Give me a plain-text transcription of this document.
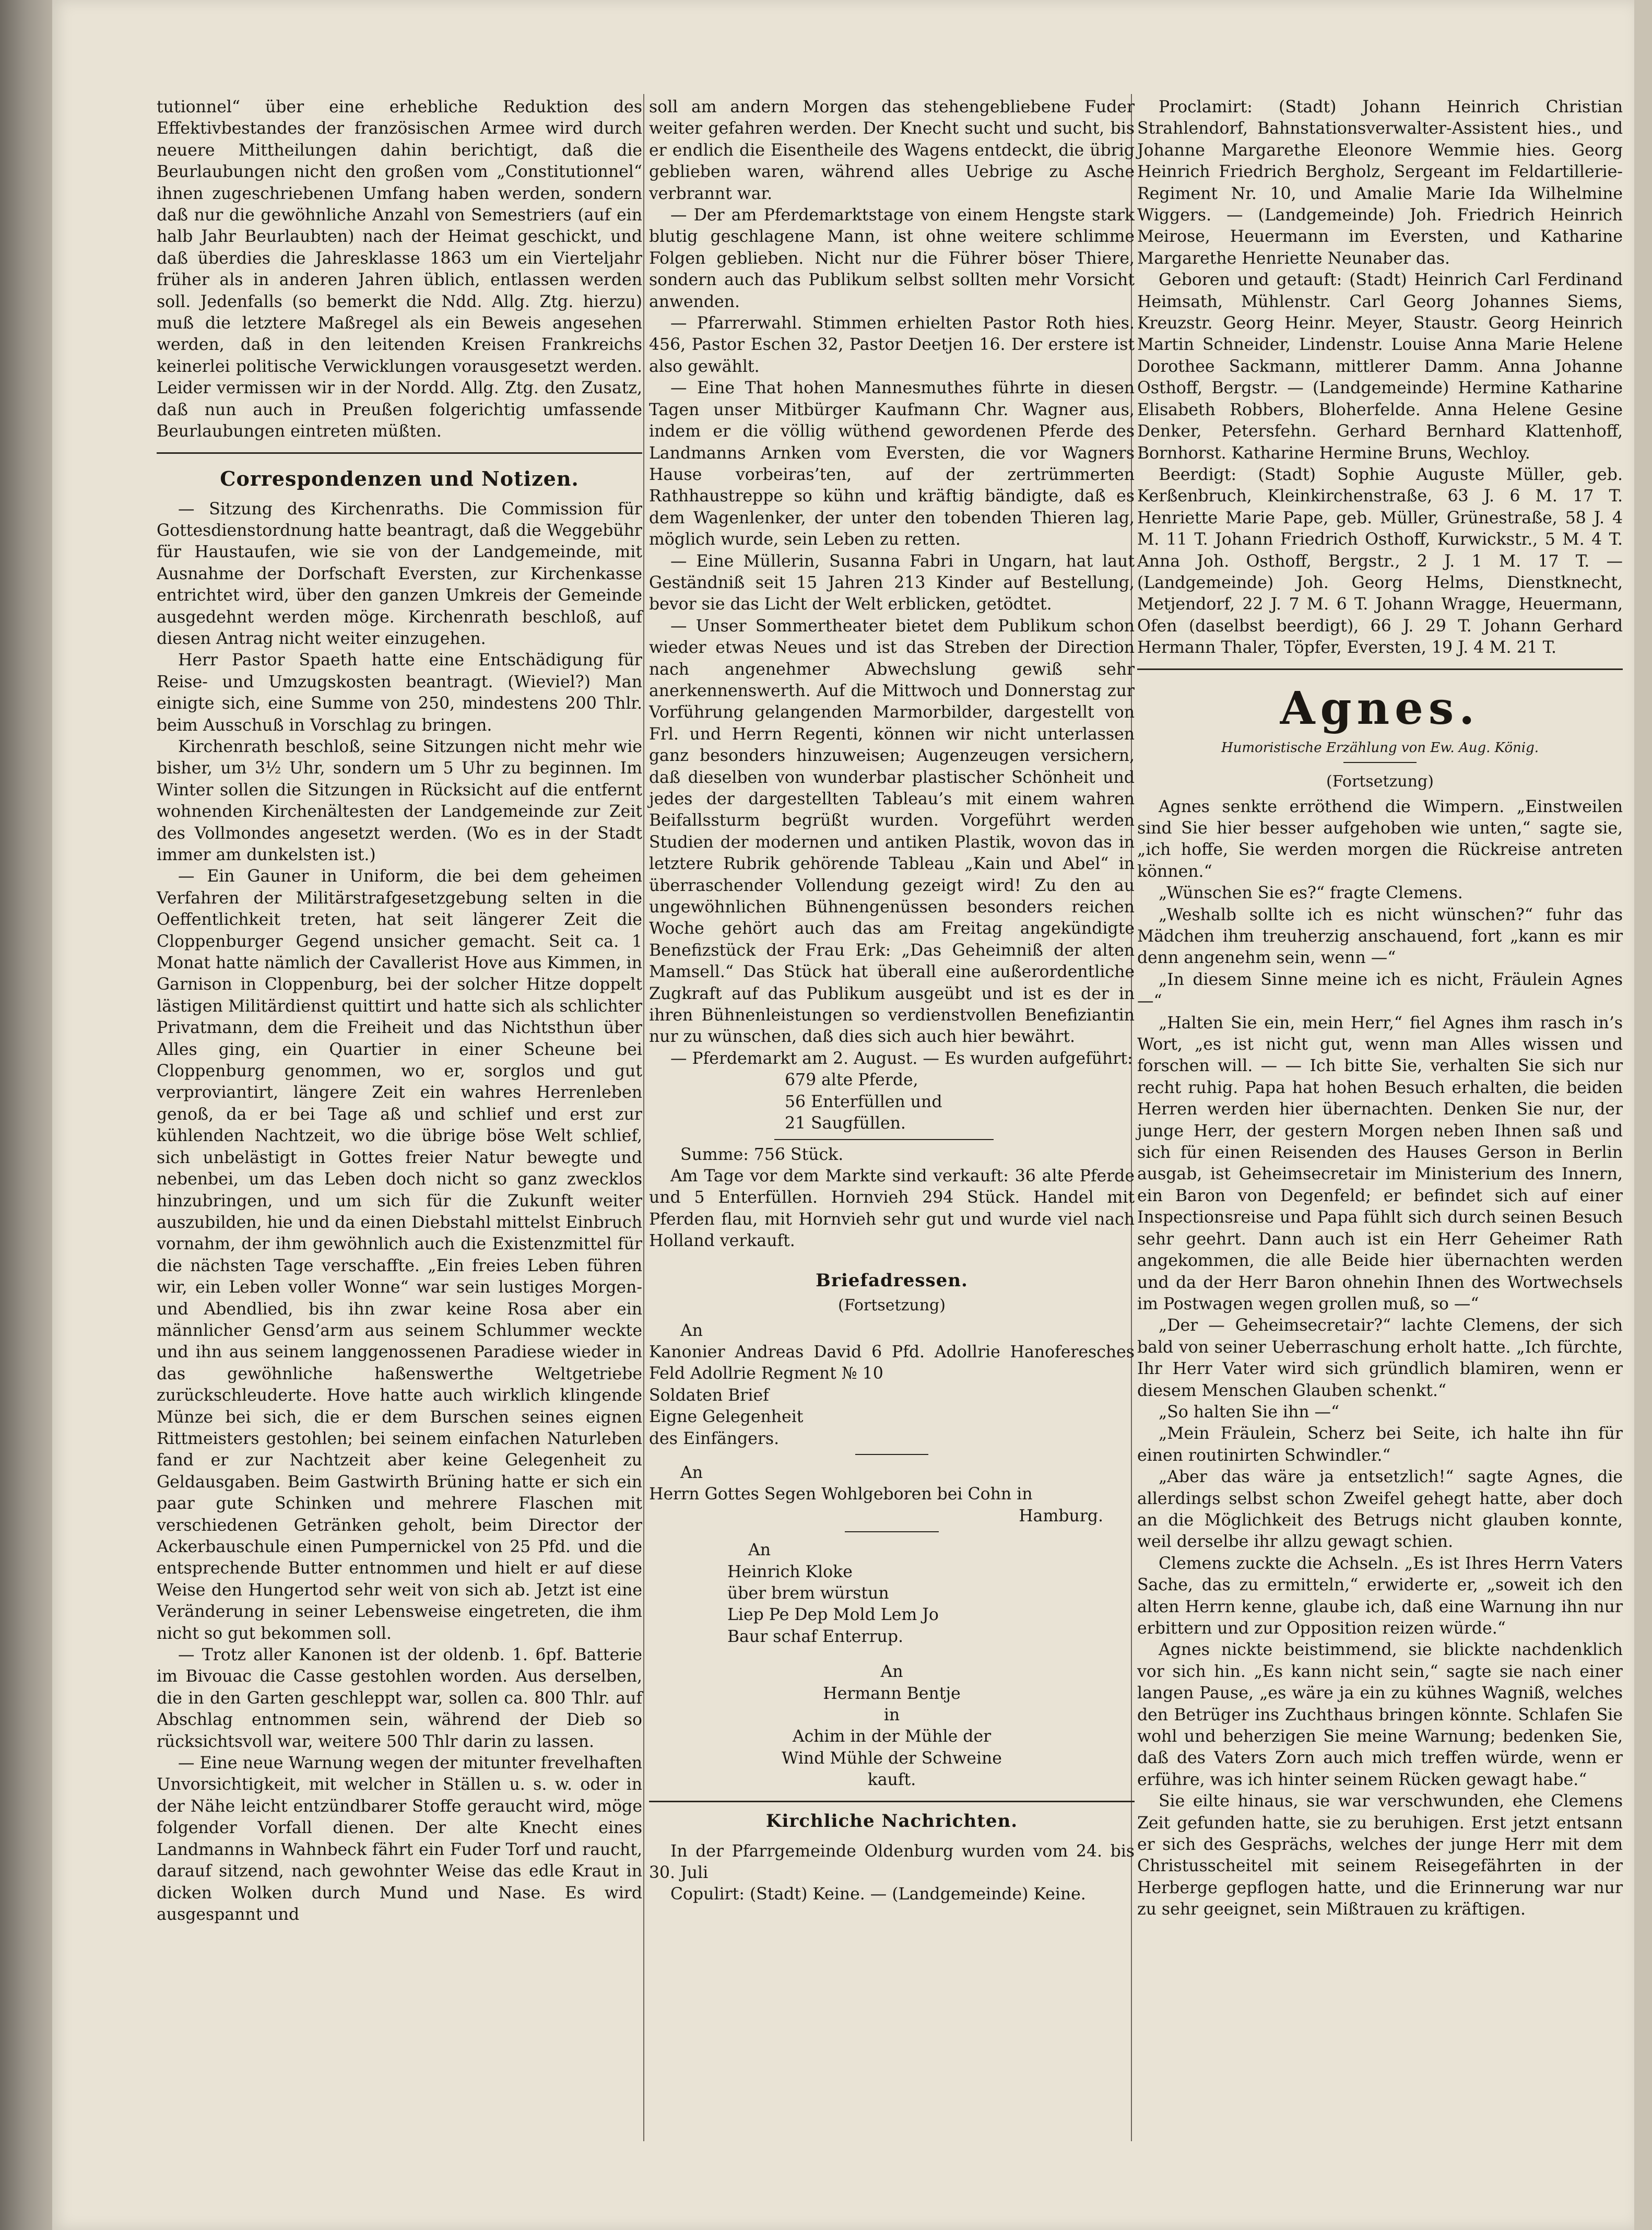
tutionnel“ über eine erhebliche Reduktion des Effektivbestandes der französischen Armee wird durch neuere Mittheilungen dahin berichtigt, daß die Beurlaubungen nicht den großen vom „Constitutionnel“ ihnen zugeschriebenen Umfang haben werden, sondern daß nur die gewöhnliche Anzahl von Semestriers (auf ein halb Jahr Beurlaubten) nach der Heimat geschickt, und daß überdies die Jahresklasse 1863 um ein Vierteljahr früher als in anderen Jahren üblich, entlassen werden soll. Jedenfalls (so bemerkt die Ndd. Allg. Ztg. hierzu) muß die letztere Maßregel als ein Beweis angesehen werden, daß in den leitenden Kreisen Frankreichs keinerlei politische Verwicklungen vorausgesetzt werden. Leider vermissen wir in der Nordd. Allg. Ztg. den Zusatz, daß nun auch in Preußen folgerichtig umfassende Beurlaubungen eintreten müßten.

Correspondenzen und Notizen.

— Sitzung des Kirchenraths. Die Commission für Gottesdienstordnung hatte beantragt, daß die Weggebühr für Haustaufen, wie sie von der Landgemeinde, mit Ausnahme der Dorfschaft Eversten, zur Kirchenkasse entrichtet wird, über den ganzen Umkreis der Gemeinde ausgedehnt werden möge. Kirchenrath beschloß, auf diesen Antrag nicht weiter einzugehen.

Herr Pastor Spaeth hatte eine Entschädigung für Reise- und Umzugskosten beantragt. (Wieviel?) Man einigte sich, eine Summe von 250, mindestens 200 Thlr. beim Ausschuß in Vorschlag zu bringen.

Kirchenrath beschloß, seine Sitzungen nicht mehr wie bisher, um 3½ Uhr, sondern um 5 Uhr zu beginnen. Im Winter sollen die Sitzungen in Rücksicht auf die entfernt wohnenden Kirchenältesten der Landgemeinde zur Zeit des Vollmondes angesetzt werden. (Wo es in der Stadt immer am dunkelsten ist.)

— Ein Gauner in Uniform, die bei dem geheimen Verfahren der Militärstrafgesetzgebung selten in die Oeffentlichkeit treten, hat seit längerer Zeit die Cloppenburger Gegend unsicher gemacht. Seit ca. 1 Monat hatte nämlich der Cavallerist Hove aus Kimmen, in Garnison in Cloppenburg, bei der solcher Hitze doppelt lästigen Militärdienst quittirt und hatte sich als schlichter Privatmann, dem die Freiheit und das Nichtsthun über Alles ging, ein Quartier in einer Scheune bei Cloppenburg genommen, wo er, sorglos und gut verproviantirt, längere Zeit ein wahres Herrenleben genoß, da er bei Tage aß und schlief und erst zur kühlenden Nachtzeit, wo die übrige böse Welt schlief, sich unbelästigt in Gottes freier Natur bewegte und nebenbei, um das Leben doch nicht so ganz zwecklos hinzubringen, und um sich für die Zukunft weiter auszubilden, hie und da einen Diebstahl mittelst Einbruch vornahm, der ihm gewöhnlich auch die Existenzmittel für die nächsten Tage verschaffte. „Ein freies Leben führen wir, ein Leben voller Wonne“ war sein lustiges Morgen- und Abendlied, bis ihn zwar keine Rosa aber ein männlicher Gensd’arm aus seinem Schlummer weckte und ihn aus seinem langgenossenen Paradiese wieder in das gewöhnliche haßenswerthe Weltgetriebe zurückschleuderte. Hove hatte auch wirklich klingende Münze bei sich, die er dem Burschen seines eignen Rittmeisters gestohlen; bei seinem einfachen Naturleben fand er zur Nachtzeit aber keine Gelegenheit zu Geldausgaben. Beim Gastwirth Brüning hatte er sich ein paar gute Schinken und mehrere Flaschen mit verschiedenen Getränken geholt, beim Director der Ackerbauschule einen Pumpernickel von 25 Pfd. und die entsprechende Butter entnommen und hielt er auf diese Weise den Hungertod sehr weit von sich ab. Jetzt ist eine Veränderung in seiner Lebensweise eingetreten, die ihm nicht so gut bekommen soll.

— Trotz aller Kanonen ist der oldenb. 1. 6pf. Batterie im Bivouac die Casse gestohlen worden. Aus derselben, die in den Garten geschleppt war, sollen ca. 800 Thlr. auf Abschlag entnommen sein, während der Dieb so rücksichtsvoll war, weitere 500 Thlr darin zu lassen.

— Eine neue Warnung wegen der mitunter frevelhaften Unvorsichtigkeit, mit welcher in Ställen u. s. w. oder in der Nähe leicht entzündbarer Stoffe geraucht wird, möge folgender Vorfall dienen. Der alte Knecht eines Landmanns in Wahnbeck fährt ein Fuder Torf und raucht, darauf sitzend, nach gewohnter Weise das edle Kraut in dicken Wolken durch Mund und Nase. Es wird ausgespannt und

soll am andern Morgen das stehengebliebene Fuder weiter gefahren werden. Der Knecht sucht und sucht, bis er endlich die Eisentheile des Wagens entdeckt, die übrig geblieben waren, während alles Uebrige zu Asche verbrannt war.

— Der am Pferdemarktstage von einem Hengste stark blutig geschlagene Mann, ist ohne weitere schlimme Folgen geblieben. Nicht nur die Führer böser Thiere, sondern auch das Publikum selbst sollten mehr Vorsicht anwenden.

— Pfarrerwahl. Stimmen erhielten Pastor Roth hies. 456, Pastor Eschen 32, Pastor Deetjen 16. Der erstere ist also gewählt.

— Eine That hohen Mannesmuthes führte in diesen Tagen unser Mitbürger Kaufmann Chr. Wagner aus, indem er die völlig wüthend gewordenen Pferde des Landmanns Arnken vom Eversten, die vor Wagners Hause vorbeiras’ten, auf der zertrümmerten Rathhaustreppe so kühn und kräftig bändigte, daß es dem Wagenlenker, der unter den tobenden Thieren lag, möglich wurde, sein Leben zu retten.

— Eine Müllerin, Susanna Fabri in Ungarn, hat laut Geständniß seit 15 Jahren 213 Kinder auf Bestellung, bevor sie das Licht der Welt erblicken, getödtet.

— Unser Sommertheater bietet dem Publikum schon wieder etwas Neues und ist das Streben der Direction nach angenehmer Abwechslung gewiß sehr anerkennenswerth. Auf die Mittwoch und Donnerstag zur Vorführung gelangenden Marmorbilder, dargestellt von Frl. und Herrn Regenti, können wir nicht unterlassen ganz besonders hinzuweisen; Augenzeugen versichern, daß dieselben von wunderbar plastischer Schönheit und jedes der dargestellten Tableau’s mit einem wahren Beifallssturm begrüßt wurden. Vorgeführt werden Studien der modernen und antiken Plastik, wovon das in letztere Rubrik gehörende Tableau „Kain und Abel“ in überraschender Vollendung gezeigt wird! Zu den au ungewöhnlichen Bühnengenüssen besonders reichen Woche gehört auch das am Freitag angekündigte Benefizstück der Frau Erk: „Das Geheimniß der alten Mamsell.“ Das Stück hat überall eine außerordentliche Zugkraft auf das Publikum ausgeübt und ist es der in ihren Bühnenleistungen so verdienstvollen Benefiziantin nur zu wünschen, daß dies sich auch hier bewährt.

— Pferdemarkt am 2. August. — Es wurden aufgeführt:

679 alte Pferde,
56 Enterfüllen und
21 Saugfüllen.

Summe: 756 Stück.

Am Tage vor dem Markte sind verkauft: 36 alte Pferde und 5 Enterfüllen. Hornvieh 294 Stück. Handel mit Pferden flau, mit Hornvieh sehr gut und wurde viel nach Holland verkauft.

Briefadressen.
(Fortsetzung)
An
Kanonier Andreas David 6 Pfd. Adollrie Hanoferesches Feld Adollrie Regment № 10
Soldaten Brief
Eigne Gelegenheit
des Einfängers.
An
Herrn Gottes Segen Wohlgeboren bei Cohn in
Hamburg.
An
Heinrich Kloke
über brem würstun
Liep Pe Dep Mold Lem Jo
Baur schaf Enterrup.
An
Hermann Bentje
in
Achim in der Mühle der
Wind Mühle der Schweine
kauft.
Kirchliche Nachrichten.

In der Pfarrgemeinde Oldenburg wurden vom 24. bis 30. Juli

Copulirt: (Stadt) Keine. — (Landgemeinde) Keine.

Proclamirt: (Stadt) Johann Heinrich Christian Strahlendorf, Bahnstationsverwalter-Assistent hies., und Johanne Margarethe Eleonore Wemmie hies. Georg Heinrich Friedrich Bergholz, Sergeant im Feldartillerie-Regiment Nr. 10, und Amalie Marie Ida Wilhelmine Wiggers. — (Landgemeinde) Joh. Friedrich Heinrich Meirose, Heuermann im Eversten, und Katharine Margarethe Henriette Neunaber das.

Geboren und getauft: (Stadt) Heinrich Carl Ferdinand Heimsath, Mühlenstr. Carl Georg Johannes Siems, Kreuzstr. Georg Heinr. Meyer, Staustr. Georg Heinrich Martin Schneider, Lindenstr. Louise Anna Marie Helene Dorothee Sackmann, mittlerer Damm. Anna Johanne Osthoff, Bergstr. — (Landgemeinde) Hermine Katharine Elisabeth Robbers, Bloherfelde. Anna Helene Gesine Denker, Petersfehn. Gerhard Bernhard Klattenhoff, Bornhorst. Katharine Hermine Bruns, Wechloy.

Beerdigt: (Stadt) Sophie Auguste Müller, geb. Kerßenbruch, Kleinkirchenstraße, 63 J. 6 M. 17 T. Henriette Marie Pape, geb. Müller, Grünestraße, 58 J. 4 M. 11 T. Johann Friedrich Osthoff, Kurwickstr., 5 M. 4 T. Anna Joh. Osthoff, Bergstr., 2 J. 1 M. 17 T. — (Landgemeinde) Joh. Georg Helms, Dienstknecht, Metjendorf, 22 J. 7 M. 6 T. Johann Wragge, Heuermann, Ofen (daselbst beerdigt), 66 J. 29 T. Johann Gerhard Hermann Thaler, Töpfer, Eversten, 19 J. 4 M. 21 T.

Agnes.
Humoristische Erzählung von Ew. Aug. König.
(Fortsetzung)

Agnes senkte erröthend die Wimpern. „Einstweilen sind Sie hier besser aufgehoben wie unten,“ sagte sie, „ich hoffe, Sie werden morgen die Rückreise antreten können.“

„Wünschen Sie es?“ fragte Clemens.

„Weshalb sollte ich es nicht wünschen?“ fuhr das Mädchen ihm treuherzig anschauend, fort „kann es mir denn angenehm sein, wenn —“

„In diesem Sinne meine ich es nicht, Fräulein Agnes —“

„Halten Sie ein, mein Herr,“ fiel Agnes ihm rasch in’s Wort, „es ist nicht gut, wenn man Alles wissen und forschen will. — — Ich bitte Sie, verhalten Sie sich nur recht ruhig. Papa hat hohen Besuch erhalten, die beiden Herren werden hier übernachten. Denken Sie nur, der junge Herr, der gestern Morgen neben Ihnen saß und sich für einen Reisenden des Hauses Gerson in Berlin ausgab, ist Geheimsecretair im Ministerium des Innern, ein Baron von Degenfeld; er befindet sich auf einer Inspectionsreise und Papa fühlt sich durch seinen Besuch sehr geehrt. Dann auch ist ein Herr Geheimer Rath angekommen, die alle Beide hier übernachten werden und da der Herr Baron ohnehin Ihnen des Wortwechsels im Postwagen wegen grollen muß, so —“

„Der — Geheimsecretair?“ lachte Clemens, der sich bald von seiner Ueberraschung erholt hatte. „Ich fürchte, Ihr Herr Vater wird sich gründlich blamiren, wenn er diesem Menschen Glauben schenkt.“

„So halten Sie ihn —“

„Mein Fräulein, Scherz bei Seite, ich halte ihn für einen routinirten Schwindler.“

„Aber das wäre ja entsetzlich!“ sagte Agnes, die allerdings selbst schon Zweifel gehegt hatte, aber doch an die Möglichkeit des Betrugs nicht glauben konnte, weil derselbe ihr allzu gewagt schien.

Clemens zuckte die Achseln. „Es ist Ihres Herrn Vaters Sache, das zu ermitteln,“ erwiderte er, „soweit ich den alten Herrn kenne, glaube ich, daß eine Warnung ihn nur erbittern und zur Opposition reizen würde.“

Agnes nickte beistimmend, sie blickte nachdenklich vor sich hin. „Es kann nicht sein,“ sagte sie nach einer langen Pause, „es wäre ja ein zu kühnes Wagniß, welches den Betrüger ins Zuchthaus bringen könnte. Schlafen Sie wohl und beherzigen Sie meine Warnung; bedenken Sie, daß des Vaters Zorn auch mich treffen würde, wenn er erführe, was ich hinter seinem Rücken gewagt habe.“

Sie eilte hinaus, sie war verschwunden, ehe Clemens Zeit gefunden hatte, sie zu beruhigen. Erst jetzt entsann er sich des Gesprächs, welches der junge Herr mit dem Christusscheitel mit seinem Reisegefährten in der Herberge gepflogen hatte, und die Erinnerung war nur zu sehr geeignet, sein Mißtrauen zu kräftigen.
